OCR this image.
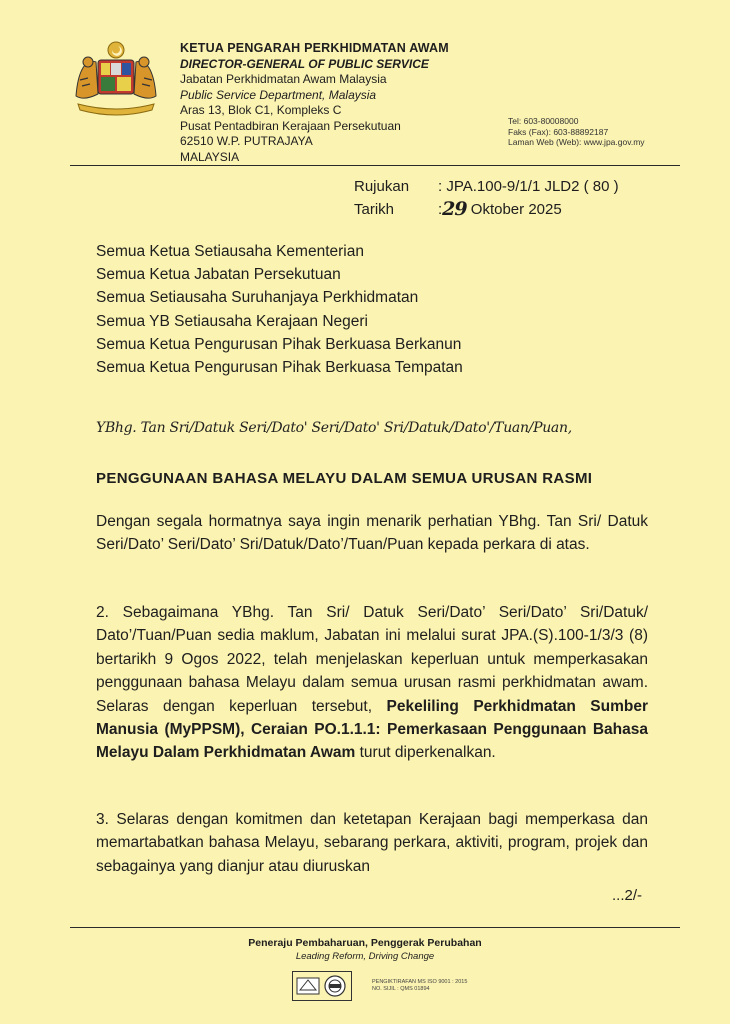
KETUA PENGARAH PERKHIDMATAN AWAM
DIRECTOR-GENERAL OF PUBLIC SERVICE
Jabatan Perkhidmatan Awam Malaysia
Public Service Department, Malaysia
Aras 13, Blok C1, Kompleks C
Pusat Pentadbiran Kerajaan Persekutuan
62510 W.P. PUTRAJAYA
MALAYSIA
Tel: 603-80008000
Faks (Fax): 603-88892187
Laman Web (Web): www.jpa.gov.my
Rujukan	: JPA.100-9/1/1 JLD2 ( 80 )
Tarikh	: 29 Oktober 2025
Semua Ketua Setiausaha Kementerian
Semua Ketua Jabatan Persekutuan
Semua Setiausaha Suruhanjaya Perkhidmatan
Semua YB Setiausaha Kerajaan Negeri
Semua Ketua Pengurusan Pihak Berkuasa Berkanun
Semua Ketua Pengurusan Pihak Berkuasa Tempatan
YBhg. Tan Sri/Datuk Seri/Dato' Seri/Dato' Sri/Datuk/Dato'/Tuan/Puan,
PENGGUNAAN BAHASA MELAYU DALAM SEMUA URUSAN RASMI
Dengan segala hormatnya saya ingin menarik perhatian YBhg. Tan Sri/ Datuk Seri/Dato’ Seri/Dato’ Sri/Datuk/Dato’/Tuan/Puan kepada perkara di atas.
2. Sebagaimana YBhg. Tan Sri/ Datuk Seri/Dato’ Seri/Dato’ Sri/Datuk/ Dato’/Tuan/Puan sedia maklum, Jabatan ini melalui surat JPA.(S).100-1/3/3 (8) bertarikh 9 Ogos 2022, telah menjelaskan keperluan untuk memperkasakan penggunaan bahasa Melayu dalam semua urusan rasmi perkhidmatan awam. Selaras dengan keperluan tersebut, Pekeliling Perkhidmatan Sumber Manusia (MyPPSM), Ceraian PO.1.1.1: Pemerkasaan Penggunaan Bahasa Melayu Dalam Perkhidmatan Awam turut diperkenalkan.
3. Selaras dengan komitmen dan ketetapan Kerajaan bagi memperkasa dan memartabatkan bahasa Melayu, sebarang perkara, aktiviti, program, projek dan sebagainya yang dianjur atau diuruskan
...2/-
Peneraju Pembaharuan, Penggerak Perubahan
Leading Reform, Driving Change
PENGIKTIRAFAN MS ISO 9001 : 2015
NO. SIJIL : QMS 01894
